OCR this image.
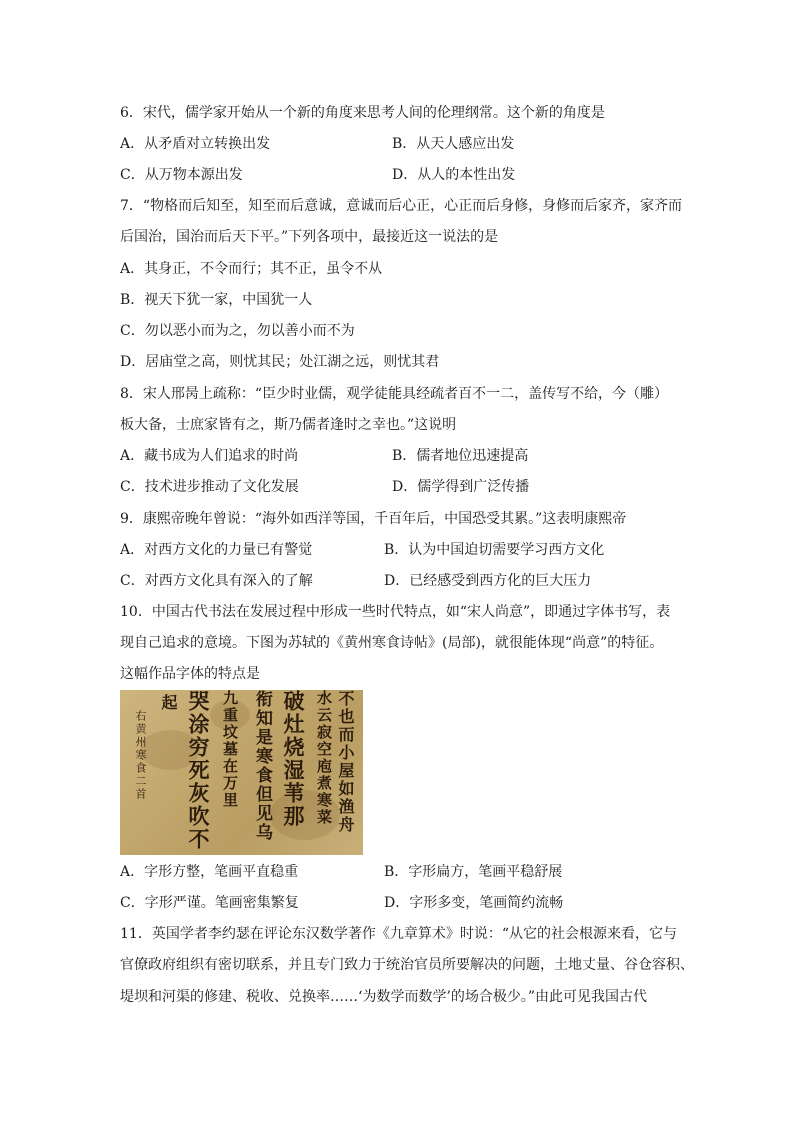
6．宋代，儒学家开始从一个新的角度来思考人间的伦理纲常。这个新的角度是
A．从矛盾对立转换出发	B．从天人感应出发
C．从万物本源出发	D．从人的本性出发
7．“物格而后知至，知至而后意诚，意诚而后心正，心正而后身修，身修而后家齐，家齐而
后国治，国治而后天下平。”下列各项中，最接近这一说法的是
A．其身正，不令而行；其不正，虽令不从
B．视天下犹一家，中国犹一人
C．勿以恶小而为之，勿以善小而不为
D．居庙堂之高，则忧其民；处江湖之远，则忧其君
8．宋人邢昺上疏称：“臣少时业儒，观学徒能具经疏者百不一二，盖传写不给，今（雕）
板大备，士庶家皆有之，斯乃儒者逢时之幸也。”这说明
A．藏书成为人们追求的时尚	B．儒者地位迅速提高
C．技术进步推动了文化发展	D．儒学得到广泛传播
9．康熙帝晚年曾说：“海外如西洋等国，千百年后，中国恐受其累。”这表明康熙帝
A．对西方文化的力量已有警觉	B．认为中国迫切需要学习西方文化
C．对西方文化具有深入的了解	D．已经感受到西方化的巨大压力
10．中国古代书法在发展过程中形成一些时代特点，如“宋人尚意”，即通过字体书写，表
现自己追求的意境。下图为苏轼的《黄州寒食诗帖》(局部)，就很能体现“尚意”的特征。
这幅作品字体的特点是
不也而小屋如渔舟
水云寂空庖煮寒菜
破灶烧湿苇那
衔知是寒食但见乌
九重坟墓在万里
哭涂穷死灰吹不
起
右黄州寒食二首
A．字形方整，笔画平直稳重	B．字形扁方，笔画平稳舒展
C．字形严谨。笔画密集繁复	D．字形多变，笔画简约流畅
11．英国学者李约瑟在评论东汉数学著作《九章算术》时说：“从它的社会根源来看，它与
官僚政府组织有密切联系，并且专门致力于统治官员所要解决的问题，土地丈量、谷仓容积、
堤坝和河渠的修建、税收、兑换率……‘为数学而数学’的场合极少。”由此可见我国古代
